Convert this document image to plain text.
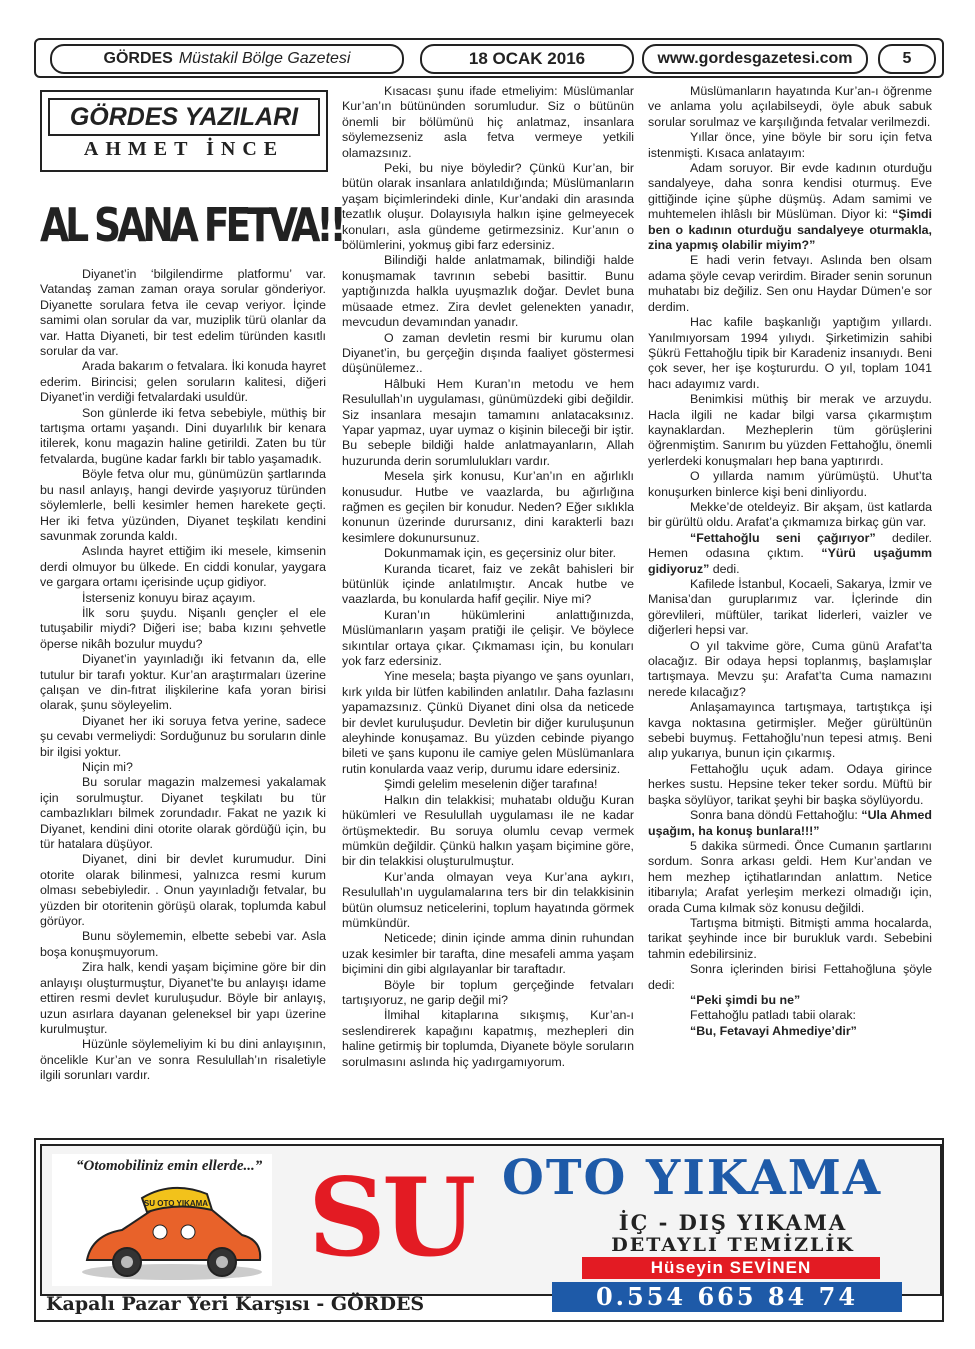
GÖRDES Müstakil Bölge Gazetesi	18 OCAK 2016	www.gordesgazetesi.com	5
GÖRDES YAZILARI
AHMET İNCE
AL SANA FETVA!!

Diyanet’in ‘bilgilendirme platformu’ var. Vatandaş zaman zaman oraya sorular gönderiyor. Diyanette sorulara fetva ile cevap veriyor. İçinde samimi olan sorular da var, muziplik türü olanlar da var. Hatta Diyaneti, bir test edelim türünden kasıtlı sorular da var.

Arada bakarım o fetvalara. İki konuda hayret ederim. Birincisi; gelen soruların kalitesi, diğeri Diyanet’in verdiği fetvalardaki usuldür.

Son günlerde iki fetva sebebiyle, müthiş bir tartışma ortamı yaşandı. Dini duyarlılık bir kenara itilerek, konu magazin haline getirildi. Zaten bu tür fetvalarda, bugüne kadar farklı bir tablo yaşamadık.

Böyle fetva olur mu, günümüzün şartlarında bu nasıl anlayış, hangi devirde yaşıyoruz türünden söylemlerle, belli kesimler hemen harekete geçti. Her iki fetva yüzünden, Diyanet teşkilatı kendini savunmak zorunda kaldı.

Aslında hayret ettiğim iki mesele, kimsenin derdi olmuyor bu ülkede. En ciddi konular, yaygara ve gargara ortamı içerisinde uçup gidiyor.

İsterseniz konuyu biraz açayım.

İlk soru şuydu. Nişanlı gençler el ele tutuşabilir miydi? Diğeri ise; baba kızını şehvetle öperse nikâh bozulur muydu?

Diyanet’in yayınladığı iki fetvanın da, elle tutulur bir tarafı yoktur. Kur’an araştırmaları üzerine çalışan ve din-fıtrat ilişkilerine kafa yoran birisi olarak, şunu söyleyelim.

Diyanet her iki soruya fetva yerine, sadece şu cevabı vermeliydi: Sorduğunuz bu soruların dinle bir ilgisi yoktur.

Niçin mi?

Bu sorular magazin malzemesi yakalamak için sorulmuştur. Diyanet teşkilatı bu tür cambazlıkları bilmek zorundadır. Fakat ne yazık ki Diyanet, kendini dini otorite olarak gördüğü için, bu tür hatalara düşüyor.

Diyanet, dini bir devlet kurumudur. Dini otorite olarak bilinmesi, yalnızca resmi kurum olması sebebiyledir. . Onun yayınladığı fetvalar, bu yüzden bir otoritenin görüşü olarak, toplumda kabul görüyor.

Bunu söylememin, elbette sebebi var. Asla boşa konuşmuyorum.

Zira halk, kendi yaşam biçimine göre bir din anlayışı oluşturmuştur, Diyanet’te bu anlayışı idame ettiren resmi devlet kuruluşudur. Böyle bir anlayış, uzun asırlara dayanan geleneksel bir yapı üzerine kurulmuştur.

Hüzünle söylemeliyim ki bu dini anlayışının, öncelikle Kur’an ve sonra Resulullah’ın risaletiyle ilgili sorunları vardır.

Kısacası şunu ifade etmeliyim: Müslümanlar Kur’an’ın bütününden sorumludur. Siz o bütünün önemli bir bölümünü hiç anlatmaz, insanlara söylemezseniz asla fetva vermeye yetkili olamazsınız.

Peki, bu niye böyledir? Çünkü Kur’an, bir bütün olarak insanlara anlatıldığında; Müslümanların yaşam biçimlerindeki dinle, Kur’andaki din arasında tezatlık oluşur. Dolayısıyla halkın işine gelmeyecek konuları, asla gündeme getirmezsiniz. Kur’anın o bölümlerini, yokmuş gibi farz edersiniz.

Bilindiği halde anlatmamak, bilindiği halde konuşmamak tavrının sebebi basittir. Bunu yaptığınızda halkla uyuşmazlık doğar. Devlet buna müsaade etmez. Zira devlet gelenekten yanadır, mevcudun devamından yanadır.

O zaman devletin resmi bir kurumu olan Diyanet’in, bu gerçeğin dışında faaliyet göstermesi düşünülemez..

Hâlbuki Hem Kuran’ın metodu ve hem Resulullah’ın uygulaması, günümüzdeki gibi değildir. Siz insanlara mesajın tamamını anlatacaksınız. Yapar yapmaz, uyar uymaz o kişinin bileceği bir iştir. Bu sebeple bildiği halde anlatmayanların, Allah huzurunda derin sorumlulukları vardır.

Mesela şirk konusu, Kur’an’ın en ağırlıklı konusudur. Hutbe ve vaazlarda, bu ağırlığına rağmen es geçilen bir konudur. Neden? Eğer sıklıkla konunun üzerinde durursanız, dini karakterli bazı kesimlere dokunursunuz.

Dokunmamak için, es geçersiniz olur biter.

Kuranda ticaret, faiz ve zekât bahisleri bir bütünlük içinde anlatılmıştır. Ancak hutbe ve vaazlarda, bu konularda hafif geçilir. Niye mi?

Kuran’ın hükümlerini anlattığınızda, Müslümanların yaşam pratiği ile çelişir. Ve böylece sıkıntılar ortaya çıkar. Çıkmaması için, bu konuları yok farz edersiniz.

Yine mesela; başta piyango ve şans oyunları, kırk yılda bir lütfen kabilinden anlatılır. Daha fazlasını yapamazsınız. Çünkü Diyanet dini olsa da neticede bir devlet kuruluşudur. Devletin bir diğer kuruluşunun aleyhinde konuşamaz. Bu yüzden cebinde piyango bileti ve şans kuponu ile camiye gelen Müslümanlara rutin konularda vaaz verip, durumu idare edersiniz.

Şimdi gelelim meselenin diğer tarafına!

Halkın din telakkisi; muhatabı olduğu Kuran hükümleri ve Resulullah uygulaması ile ne kadar örtüşmektedir. Bu soruya olumlu cevap vermek mümkün değildir. Çünkü halkın yaşam biçimine göre, bir din telakkisi oluşturulmuştur.

Kur’anda olmayan veya Kur’ana aykırı, Resulullah’ın uygulamalarına ters bir din telakkisinin bütün olumsuz neticelerini, toplum hayatında görmek mümkündür.

Neticede; dinin içinde amma dinin ruhundan uzak kesimler bir tarafta, dine mesafeli amma yaşam biçimini din gibi algılayanlar bir taraftadır.

Böyle bir toplum gerçeğinde fetvaları tartışıyoruz, ne garip değil mi?

İlmihal kitaplarına sıkışmış, Kur’an-ı seslendirerek kapağını kapatmış, mezhepleri din haline getirmiş bir toplumda, Diyanete böyle soruların sorulmasını aslında hiç yadırgamıyorum.

Müslümanların hayatında Kur’an-ı öğrenme ve anlama yolu açılabilseydi, öyle abuk sabuk sorular sorulmaz ve karşılığında fetvalar verilmezdi.

Yıllar önce, yine böyle bir soru için fetva istenmişti. Kısaca anlatayım:

Adam soruyor. Bir evde kadının oturduğu sandalyeye, daha sonra kendisi oturmuş. Eve gittiğinde içine şüphe düşmüş. Adam samimi ve muhtemelen ihlâslı bir Müslüman. Diyor ki: “Şimdi ben o kadının oturduğu sandalyeye oturmakla, zina yapmış olabilir miyim?”

E hadi verin fetvayı. Aslında ben olsam adama şöyle cevap verirdim. Birader senin sorunun muhatabı biz değiliz. Sen onu Haydar Dümen’e sor derdim.

Hac kafile başkanlığı yaptığım yıllardı. Yanılmıyorsam 1994 yılıydı. Şirketimizin sahibi Şükrü Fettahoğlu tipik bir Karadeniz insanıydı. Beni çok sever, her işe koştururdu. O yıl, toplam 1041 hacı adayımız vardı.

Benimkisi müthiş bir merak ve arzuydu. Hacla ilgili ne kadar bilgi varsa çıkarmıştım kaynaklardan. Mezheplerin tüm görüşlerini öğrenmiştim. Sanırım bu yüzden Fettahoğlu, önemli yerlerdeki konuşmaları hep bana yaptırırdı.

O yıllarda namım yürümüştü. Uhut’ta konuşurken binlerce kişi beni dinliyordu.

Mekke’de oteldeyiz. Bir akşam, üst katlarda bir gürültü oldu. Arafat’a çıkmamıza birkaç gün var.

“Fettahoğlu seni çağırıyor” dediler. Hemen odasına çıktım. “Yürü uşağumm gidiyoruz” dedi.

Kafilede İstanbul, Kocaeli, Sakarya, İzmir ve Manisa’dan guruplarımız var. İçlerinde din görevlileri, müftüler, tarikat liderleri, vaizler ve diğerleri hepsi var.

O yıl takvime göre, Cuma günü Arafat’ta olacağız. Bir odaya hepsi toplanmış, başlamışlar tartışmaya. Mevzu şu: Arafat’ta Cuma namazını nerede kılacağız?

Anlaşamayınca tartışmaya, tartıştıkça işi kavga noktasına getirmişler. Meğer gürültünün sebebi buymuş. Fettahoğlu’nun tepesi atmış. Beni alıp yukarıya, bunun için çıkarmış.

Fettahoğlu uçuk adam. Odaya girince herkes sustu. Hepsine teker teker sordu. Müftü bir başka söylüyor, tarikat şeyhi bir başka söylüyordu.

Sonra bana döndü Fettahoğlu: “Ula Ahmed uşağım, ha konuş bunlara!!!”

5 dakika sürmedi. Önce Cumanın şartlarını sordum. Sonra arkası geldi. Hem Kur’andan ve hem mezhep içtihatlarından anlattım. Netice itibarıyla; Arafat yerleşim merkezi olmadığı için, orada Cuma kılmak söz konusu değildi.

Tartışma bitmişti. Bitmişti amma hocalarda, tarikat şeyhinde ince bir burukluk vardı. Sebebini tahmin edebilirsiniz.

Sonra içlerinden birisi Fettahoğluna şöyle dedi:

“Peki şimdi bu ne”

Fettahoğlu patladı tabii olarak:

“Bu, Fetavayi Ahmediye’dir”

“Otomobiliniz emin ellerde...”
SU OTO YIKAMA SU OTO YIKAMA
İÇ - DIŞ YIKAMA
DETAYLI TEMİZLİK
Hüseyin SEVİNEN
Kapalı Pazar Yeri Karşısı - GÖRDES	0.554 665 84 74
